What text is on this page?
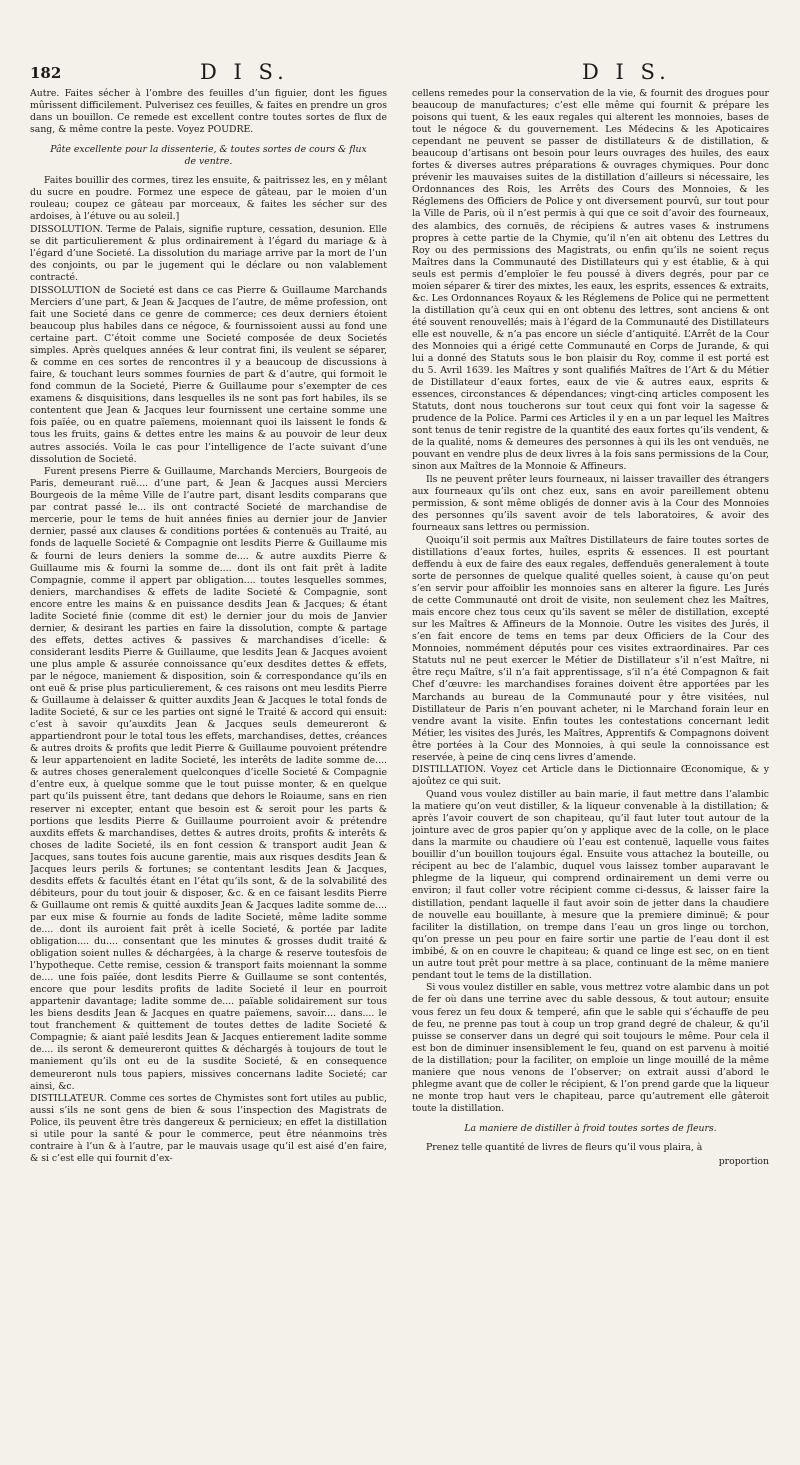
182	D I S.	D I S.

Autre. Faites sécher à l’ombre des feuilles d’un figuier, dont les figues mûrissent difficilement. Pulverisez ces feuilles, & faites en prendre un gros dans un bouillon. Ce remede est excellent contre toutes sortes de flux de sang, & même contre la peste. Voyez POUDRE.

Pâte excellente pour la dissenterie, & toutes sortes de cours & flux de ventre.

Faites bouillir des cormes, tirez les ensuite, & paitrissez les, en y mêlant du sucre en poudre. Formez une espece de gâteau, par le moien d’un rouleau; coupez ce gâteau par morceaux, & faites les sécher sur des ardoises, à l’étuve ou au soleil.]

DISSOLUTION. Terme de Palais, signifie rupture, cessation, desunion. Elle se dit particulierement & plus ordinairement à l’égard du mariage & à l’égard d’une Societé. La dissolution du mariage arrive par la mort de l’un des conjoints, ou par le jugement qui le déclare ou non valablement contracté.

DISSOLUTION de Societé est dans ce cas Pierre & Guillaume Marchands Merciers d’une part, & Jean & Jacques de l’autre, de même profession, ont fait une Societé dans ce genre de commerce; ces deux derniers étoient beaucoup plus habiles dans ce négoce, & fournissoient aussi au fond une certaine part. C’étoit comme une Societé composée de deux Societés simples. Après quelques années & leur contrat fini, ils veulent se séparer, & comme en ces sortes de rencontres il y a beaucoup de discussions à faire, & touchant leurs sommes fournies de part & d’autre, qui formoit le fond commun de la Societé, Pierre & Guillaume pour s’exempter de ces examens & disquisitions, dans lesquelles ils ne sont pas fort habiles, ils se contentent que Jean & Jacques leur fournissent une certaine somme une fois païée, ou en quatre païemens, moiennant quoi ils laissent le fonds & tous les fruits, gains & dettes entre les mains & au pouvoir de leur deux autres associés. Voila le cas pour l’intelligence de l’acte suivant d’une dissolution de Societé.

Furent presens Pierre & Guillaume, Marchands Merciers, Bourgeois de Paris, demeurant ruë.... d’une part, & Jean & Jacques aussi Merciers Bourgeois de la même Ville de l’autre part, disant lesdits comparans que par contrat passé le... ils ont contracté Societé de marchandise de mercerie, pour le tems de huit années finies au dernier jour de Janvier dernier, passé aux clauses & conditions portées & contenuës au Traité, au fonds de laquelle Societé & Compagnie ont lesdits Pierre & Guillaume mis & fourni de leurs deniers la somme de.... & autre auxdits Pierre & Guillaume mis & fourni la somme de.... dont ils ont fait prêt à ladite Compagnie, comme il appert par obligation.... toutes lesquelles sommes, deniers, marchandises & effets de ladite Societé & Compagnie, sont encore entre les mains & en puissance desdits Jean & Jacques; & étant ladite Societé finie (comme dit est) le dernier jour du mois de Janvier dernier, & desirant les parties en faire la dissolution, compte & partage des effets, dettes actives & passives & marchandises d’icelle: & considerant lesdits Pierre & Guillaume, que lesdits Jean & Jacques avoient une plus ample & assurée connoissance qu’eux desdites dettes & effets, par le négoce, maniement & disposition, soin & correspondance qu’ils en ont euë & prise plus particulierement, & ces raisons ont meu lesdits Pierre & Guillaume à delaisser & quitter auxdits Jean & Jacques le total fonds de ladite Societé, & sur ce les parties ont signé le Traité & accord qui ensuit: c’est à savoir qu’auxdits Jean & Jacques seuls demeureront & appartiendront pour le total tous les effets, marchandises, dettes, créances & autres droits & profits que ledit Pierre & Guillaume pouvoient prétendre & leur appartenoient en ladite Societé, les interêts de ladite somme de.... & autres choses generalement quelconques d’icelle Societé & Compagnie d’entre eux, à quelque somme que le tout puisse monter, & en quelque part qu’ils puissent être, tant dedans que dehors le Roiaume, sans en rien reserver ni excepter, entant que besoin est & seroit pour les parts & portions que lesdits Pierre & Guillaume pourroient avoir & prétendre auxdits effets & marchandises, dettes & autres droits, profits & interêts & choses de ladite Societé, ils en font cession & transport audit Jean & Jacques, sans toutes fois aucune garentie, mais aux risques desdits Jean & Jacques leurs perils & fortunes; se contentant lesdits Jean & Jacques, desdits effets & facultés étant en l’état qu’ils sont, & de la solvabilité des débiteurs, pour du tout jouir & disposer, &c. & en ce faisant lesdits Pierre & Guillaume ont remis & quitté auxdits Jean & Jacques ladite somme de.... par eux mise & fournie au fonds de ladite Societé, même ladite somme de.... dont ils auroient fait prêt à icelle Societé, & portée par ladite obligation.... du.... consentant que les minutes & grosses dudit traité & obligation soient nulles & déchargées, à la charge & reserve toutesfois de l’hypotheque. Cette remise, cession & transport faits moiennant la somme de.... une fois païée, dont lesdits Pierre & Guillaume se sont contentés, encore que pour lesdits profits de ladite Societé il leur en pourroit appartenir davantage; ladite somme de.... païable solidairement sur tous les biens desdits Jean & Jacques en quatre païemens, savoir.... dans.... le tout franchement & quittement de toutes dettes de ladite Societé & Compagnie; & aiant païé lesdits Jean & Jacques entierement ladite somme de.... ils seront & demeureront quittes & déchargés à toujours de tout le maniement qu’ils ont eu de la susdite Societé, & en consequence demeureront nuls tous papiers, missives concernans ladite Societé; car ainsi, &c.

DISTILLATEUR. Comme ces sortes de Chymistes sont fort utiles au public, aussi s’ils ne sont gens de bien & sous l’inspection des Magistrats de Police, ils peuvent être très dangereux & pernicieux; en effet la distillation si utile pour la santé & pour le commerce, peut être néanmoins très contraire à l’un & à l’autre, par le mauvais usage qu’il est aisé d’en faire, & si c’est elle qui fournit d’ex-

cellens remedes pour la conservation de la vie, & fournit des drogues pour beaucoup de manufactures; c’est elle même qui fournit & prépare les poisons qui tuent, & les eaux regales qui alterent les monnoies, bases de tout le négoce & du gouvernement. Les Médecins & les Apoticaires cependant ne peuvent se passer de distillateurs & de distillation, & beaucoup d’artisans ont besoin pour leurs ouvrages des huiles, des eaux fortes & diverses autres préparations & ouvrages chymiques. Pour donc prévenir les mauvaises suites de la distillation d’ailleurs si nécessaire, les Ordonnances des Rois, les Arrêts des Cours des Monnoies, & les Réglemens des Officiers de Police y ont diversement pourvû, sur tout pour la Ville de Paris, où il n’est permis à qui que ce soit d’avoir des fourneaux, des alambics, des cornuës, de récipiens & autres vases & instrumens propres à cette partie de la Chymie, qu’il n’en ait obtenu des Lettres du Roy ou des permissions des Magistrats, ou enfin qu’ils ne soient reçus Maîtres dans la Communauté des Distillateurs qui y est établie, & à qui seuls est permis d’emploïer le feu poussé à divers degrés, pour par ce moien séparer & tirer des mixtes, les eaux, les esprits, essences & extraits, &c. Les Ordonnances Royaux & les Réglemens de Police qui ne permettent la distillation qu’à ceux qui en ont obtenu des lettres, sont anciens & ont été souvent renouvellés; mais à l’égard de la Communauté des Distillateurs elle est nouvelle, & n’a pas encore un siécle d’antiquité. L’Arrêt de la Cour des Monnoies qui a érigé cette Communauté en Corps de Jurande, & qui lui a donné des Statuts sous le bon plaisir du Roy, comme il est porté est du 5. Avril 1639. les Maîtres y sont qualifiés Maîtres de l’Art & du Métier de Distillateur d’eaux fortes, eaux de vie & autres eaux, esprits & essences, circonstances & dépendances; vingt-cinq articles composent les Statuts, dont nous toucherons sur tout ceux qui font voir la sagesse & prudence de la Police. Parmi ces Articles il y en a un par lequel les Maîtres sont tenus de tenir registre de la quantité des eaux fortes qu’ils vendent, & de la qualité, noms & demeures des personnes à qui ils les ont venduës, ne pouvant en vendre plus de deux livres à la fois sans permissions de la Cour, sinon aux Maîtres de la Monnoie & Affineurs.

Ils ne peuvent prêter leurs fourneaux, ni laisser travailler des étrangers aux fourneaux qu’ils ont chez eux, sans en avoir pareillement obtenu permission, & sont même obligés de donner avis à la Cour des Monnoies des personnes qu’ils savent avoir de tels laboratoires, & avoir des fourneaux sans lettres ou permission.

Quoiqu’il soit permis aux Maîtres Distillateurs de faire toutes sortes de distillations d’eaux fortes, huiles, esprits & essences. Il est pourtant deffendu à eux de faire des eaux regales, deffenduës generalement à toute sorte de personnes de quelque qualité quelles soient, à cause qu’on peut s’en servir pour affoiblir les monnoies sans en alterer la figure. Les Jurés de cette Communauté ont droit de visite, non seulement chez les Maîtres, mais encore chez tous ceux qu’ils savent se mêler de distillation, excepté sur les Maîtres & Affineurs de la Monnoie. Outre les visites des Jurés, il s’en fait encore de tems en tems par deux Officiers de la Cour des Monnoies, nommément députés pour ces visites extraordinaires. Par ces Statuts nul ne peut exercer le Métier de Distillateur s’il n’est Maître, ni être reçu Maître, s’il n’a fait apprentissage, s’il n’a été Compagnon & fait Chef d’œuvre: les marchandises foraines doivent être apportées par les Marchands au bureau de la Communauté pour y être visitées, nul Distillateur de Paris n’en pouvant acheter, ni le Marchand forain leur en vendre avant la visite. Enfin toutes les contestations concernant ledit Métier, les visites des Jurés, les Maîtres, Apprentifs & Compagnons doivent être portées à la Cour des Monnoies, à qui seule la connoissance est reservée, à peine de cinq cens livres d’amende.

DISTILLATION. Voyez cet Article dans le Dictionnaire Œconomique, & y ajoûtez ce qui suit.

Quand vous voulez distiller au bain marie, il faut mettre dans l’alambic la matiere qu’on veut distiller, & la liqueur convenable à la distillation; & après l’avoir couvert de son chapiteau, qu’il faut luter tout autour de la jointure avec de gros papier qu’on y applique avec de la colle, on le place dans la marmite ou chaudiere où l’eau est contenuë, laquelle vous faites bouillir d’un bouillon toujours égal. Ensuite vous attachez la bouteille, ou récipent au bec de l’alambic, duquel vous laissez tomber auparavant le phlegme de la liqueur, qui comprend ordinairement un demi verre ou environ; il faut coller votre récipient comme ci-dessus, & laisser faire la distillation, pendant laquelle il faut avoir soin de jetter dans la chaudiere de nouvelle eau bouillante, à mesure que la premiere diminuë; & pour faciliter la distillation, on trempe dans l’eau un gros linge ou torchon, qu’on presse un peu pour en faire sortir une partie de l’eau dont il est imbibé, & on en couvre le chapiteau; & quand ce linge est sec, on en tient un autre tout prêt pour mettre à sa place, continuant de la même maniere pendant tout le tems de la distillation.

Si vous voulez distiller en sable, vous mettrez votre alambic dans un pot de fer où dans une terrine avec du sable dessous, & tout autour; ensuite vous ferez un feu doux & temperé, afin que le sable qui s’échauffe de peu de feu, ne prenne pas tout à coup un trop grand degré de chaleur, & qu’il puisse se conserver dans un degré qui soit toujours le même. Pour cela il est bon de diminuer insensiblement le feu, quand on est parvenu à moitié de la distillation; pour la faciliter, on emploie un linge mouillé de la même maniere que nous venons de l’observer; on extrait aussi d’abord le phlegme avant que de coller le récipient, & l’on prend garde que la liqueur ne monte trop haut vers le chapiteau, parce qu’autrement elle gâteroit toute la distillation.

La maniere de distiller à froid toutes sortes de fleurs.

Prenez telle quantité de livres de fleurs qu’il vous plaira, à

proportion
